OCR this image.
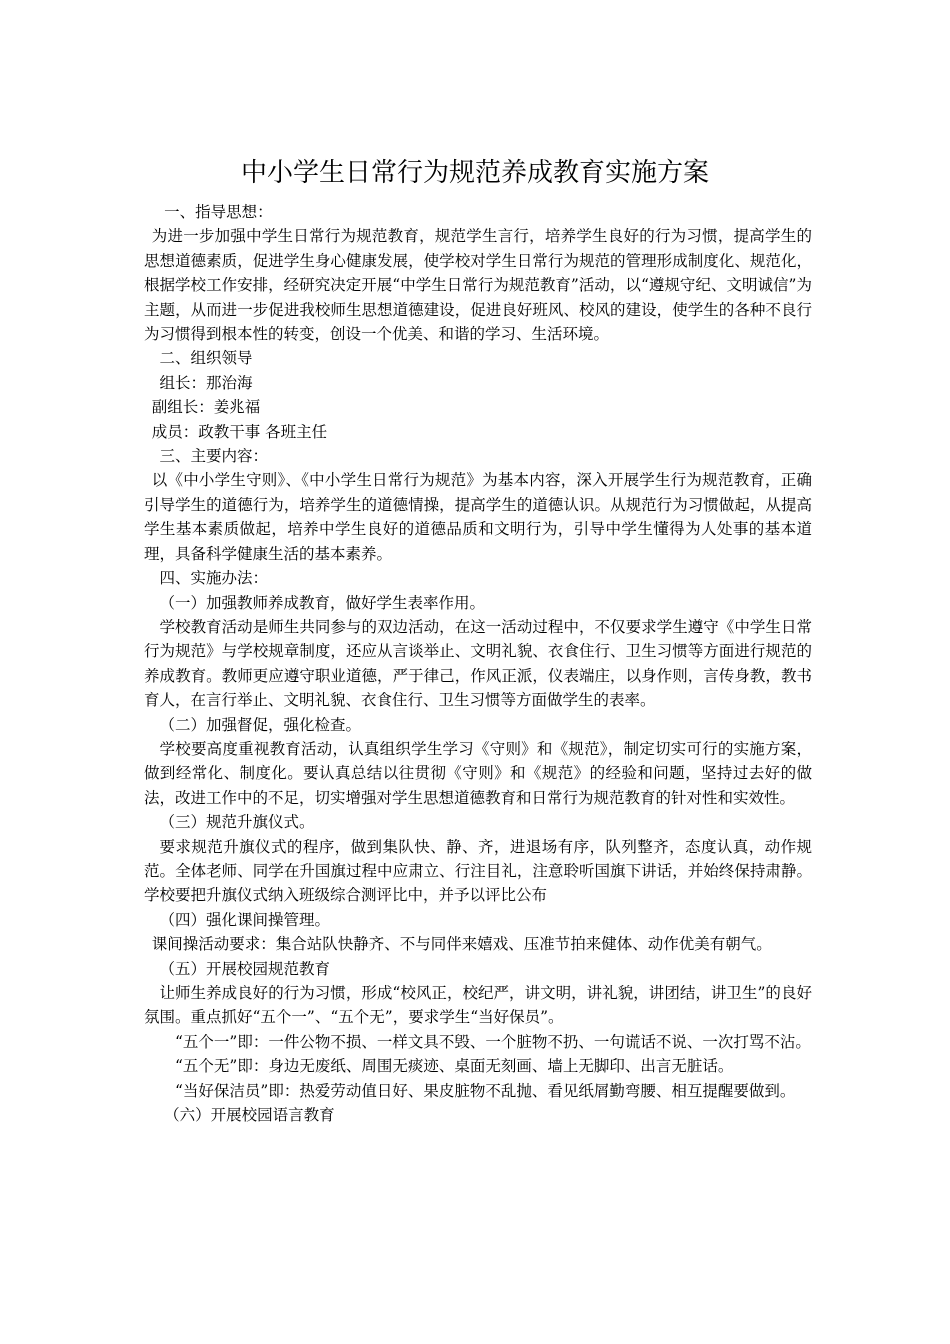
中小学生日常行为规范养成教育实施方案

一、指导思想：

为进一步加强中学生日常行为规范教育，规范学生言行，培养学生良好的行为习惯，提高学生的思想道德素质，促进学生身心健康发展，使学校对学生日常行为规范的管理形成制度化、规范化，根据学校工作安排，经研究决定开展“中学生日常行为规范教育”活动，以“遵规守纪、文明诚信”为主题，从而进一步促进我校师生思想道德建设，促进良好班风、校风的建设，使学生的各种不良行为习惯得到根本性的转变，创设一个优美、和谐的学习、生活环境。

二、组织领导

组长：那治海

副组长：姜兆福

成员：政教干事 各班主任

三、主要内容：

以《中小学生守则》、《中小学生日常行为规范》为基本内容，深入开展学生行为规范教育，正确引导学生的道德行为，培养学生的道德情操，提高学生的道德认识。从规范行为习惯做起，从提高学生基本素质做起，培养中学生良好的道德品质和文明行为，引导中学生懂得为人处事的基本道理，具备科学健康生活的基本素养。

四、实施办法：

（一）加强教师养成教育，做好学生表率作用。

学校教育活动是师生共同参与的双边活动，在这一活动过程中，不仅要求学生遵守《中学生日常行为规范》与学校规章制度，还应从言谈举止、文明礼貌、衣食住行、卫生习惯等方面进行规范的养成教育。教师更应遵守职业道德，严于律己，作风正派，仪表端庄，以身作则，言传身教，教书育人，在言行举止、文明礼貌、衣食住行、卫生习惯等方面做学生的表率。

（二）加强督促，强化检查。

学校要高度重视教育活动，认真组织学生学习《守则》和《规范》，制定切实可行的实施方案，做到经常化、制度化。要认真总结以往贯彻《守则》和《规范》的经验和问题，坚持过去好的做法，改进工作中的不足，切实增强对学生思想道德教育和日常行为规范教育的针对性和实效性。

（三）规范升旗仪式。

要求规范升旗仪式的程序，做到集队快、静、齐，进退场有序，队列整齐，态度认真，动作规范。全体老师、同学在升国旗过程中应肃立、行注目礼，注意聆听国旗下讲话，并始终保持肃静。学校要把升旗仪式纳入班级综合测评比中，并予以评比公布

（四）强化课间操管理。

课间操活动要求：集合站队快静齐、不与同伴来嬉戏、压准节拍来健体、动作优美有朝气。

（五）开展校园规范教育

让师生养成良好的行为习惯，形成“校风正，校纪严，讲文明，讲礼貌，讲团结，讲卫生”的良好氛围。重点抓好“五个一”、“五个无”，要求学生“当好保员”。

“五个一”即：一件公物不损、一样文具不毁、一个脏物不扔、一句谎话不说、一次打骂不沾。

“五个无”即：身边无废纸、周围无痰迹、桌面无刻画、墙上无脚印、出言无脏话。

“当好保洁员”即：热爱劳动值日好、果皮脏物不乱抛、看见纸屑勤弯腰、相互提醒要做到。

（六）开展校园语言教育
